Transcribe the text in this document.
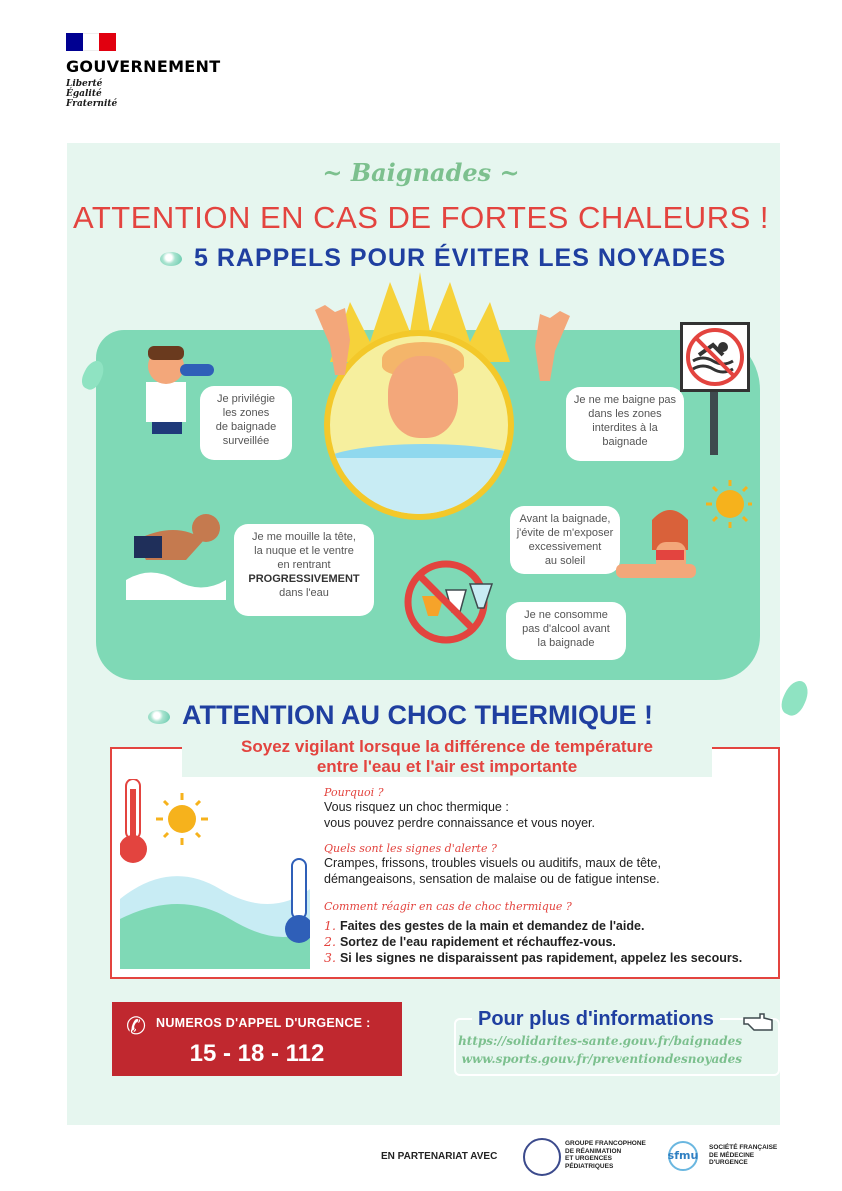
GOUVERNEMENT
Liberté
Égalité
Fraternité
~ Baignades ~
ATTENTION EN CAS DE FORTES CHALEURS !
5 RAPPELS POUR ÉVITER LES NOYADES
Je privilégie
les zones
de baignade
surveillée
Je ne me baigne pas
dans les zones
interdites à la
baignade
Je me mouille la tête,
la nuque et le ventre
en rentrant
PROGRESSIVEMENT
dans l'eau
Avant la baignade,
j'évite de m'exposer
excessivement
au soleil
Je ne consomme
pas d'alcool avant
la baignade
ATTENTION AU CHOC THERMIQUE !
Soyez vigilant lorsque la différence de température
entre l'eau et l'air est importante
Pourquoi ?
Vous risquez un choc thermique :
vous pouvez perdre connaissance et vous noyer.
Quels sont les signes d'alerte ?
Crampes, frissons, troubles visuels ou auditifs, maux de tête,
démangeaisons, sensation de malaise ou de fatigue intense.
Comment réagir en cas de choc thermique ?
1. Faites des gestes de la main et demandez de l'aide.
2. Sortez de l'eau rapidement et réchauffez-vous.
3. Si les signes ne disparaissent pas rapidement, appelez les secours.
✆ NUMEROS D'APPEL D'URGENCE :
15 - 18 - 112
Pour plus d'informations
https://solidarites-sante.gouv.fr/baignades
www.sports.gouv.fr/preventiondesnoyades
EN PARTENARIAT AVEC
GROUPE FRANCOPHONE
DE RÉANIMATION
ET URGENCES
PÉDIATRIQUES
sfmu
SOCIÉTÉ FRANÇAISE
DE MÉDECINE
D'URGENCE
